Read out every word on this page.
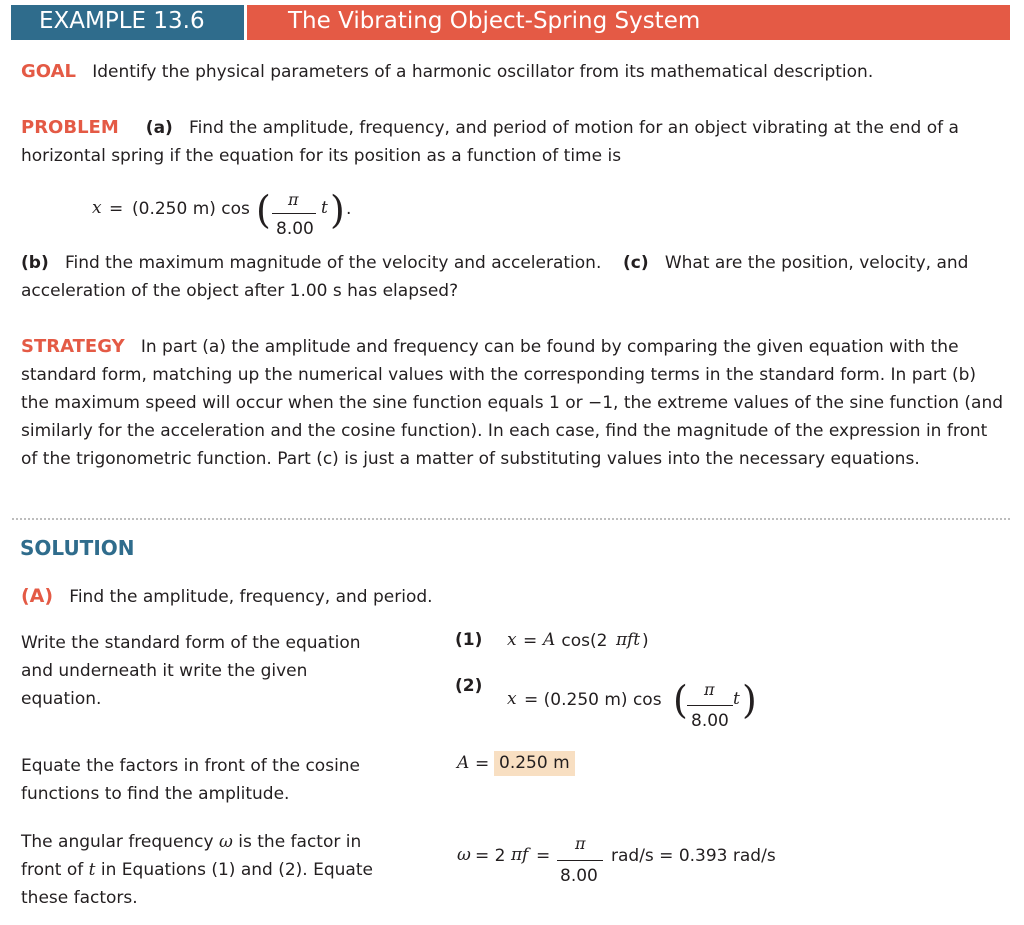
EXAMPLE 13.6	The Vibrating Object-Spring System
GOAL Identify the physical parameters of a harmonic oscillator from its mathematical description.
PROBLEM (a) Find the amplitude, frequency, and period of motion for an object vibrating at the end of a horizontal spring if the equation for its position as a function of time is
x = (0.250 m) cos ( π
8.00
t ) .
(b) Find the maximum magnitude of the velocity and acceleration. (c) What are the position, velocity, and acceleration of the object after 1.00 s has elapsed?
STRATEGY In part (a) the amplitude and frequency can be found by comparing the given equation with the standard form, matching up the numerical values with the corresponding terms in the standard form. In part (b) the maximum speed will occur when the sine function equals 1 or −1, the extreme values of the sine function (and similarly for the acceleration and the cosine function). In each case, find the magnitude of the expression in front of the trigonometric function. Part (c) is just a matter of substituting values into the necessary equations.
SOLUTION
(A) Find the amplitude, frequency, and period.
Write the standard form of the equation and underneath it write the given equation.
(1) x = A cos(2 π ft )
(2)
x = (0.250 m) cos ( π
8.00
t )
Equate the factors in front of the cosine functions to find the amplitude.
A = 0.250 m
The angular frequency ω is the factor in front of t in Equations (1) and (2). Equate these factors.
ω = 2 π f =
π
8.00
rad/s = 0.393 rad/s
